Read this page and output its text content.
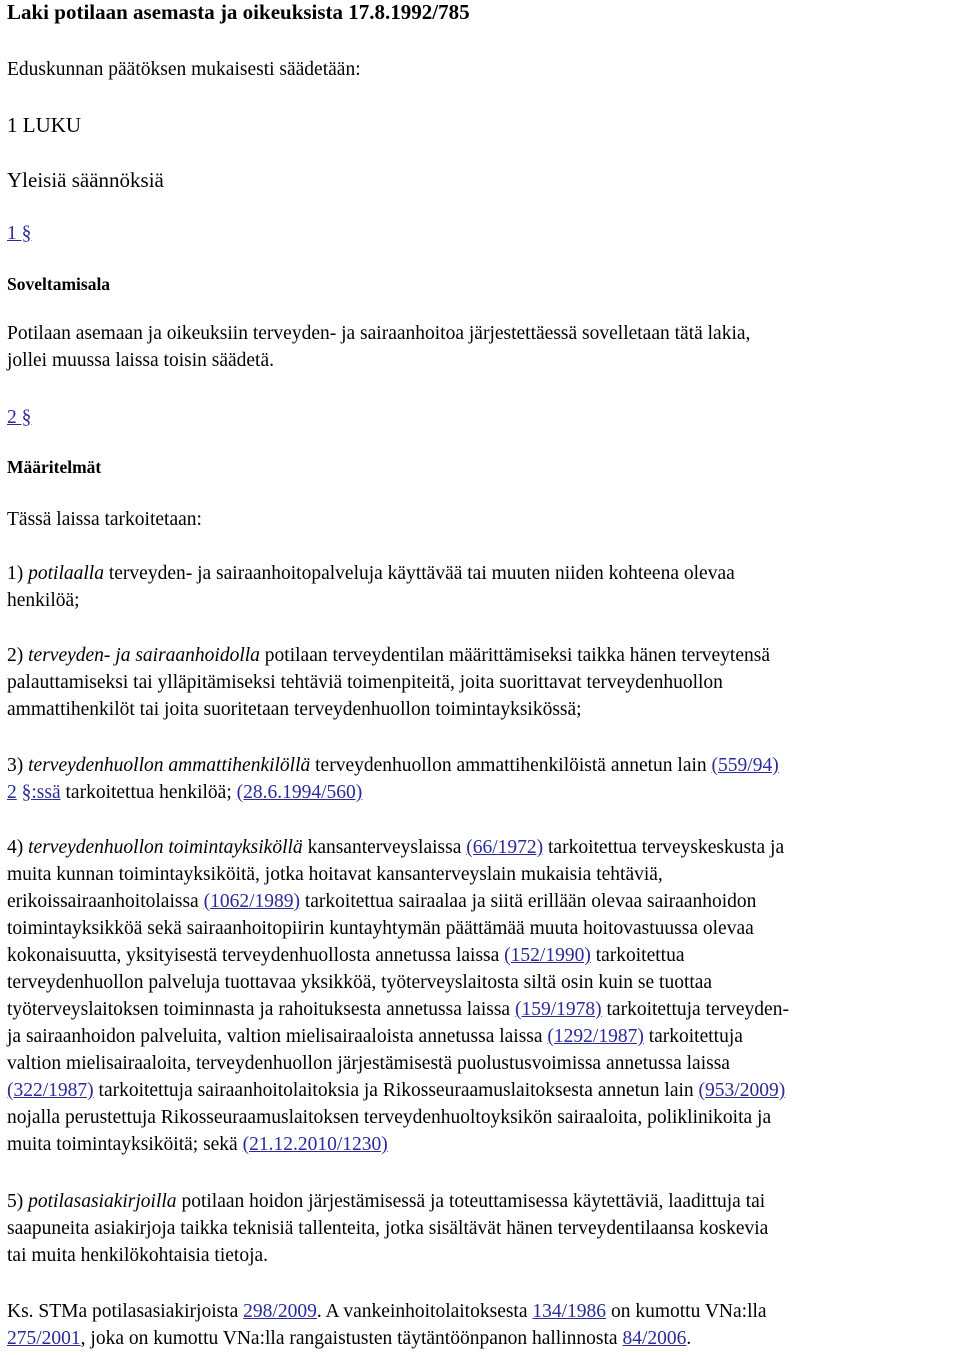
Laki potilaan asemasta ja oikeuksista 17.8.1992/785
Eduskunnan päätöksen mukaisesti säädetään:
1 LUKU
Yleisiä säännöksiä
1 §
Soveltamisala
Potilaan asemaan ja oikeuksiin terveyden- ja sairaanhoitoa järjestettäessä sovelletaan tätä lakia,
jollei muussa laissa toisin säädetä.
2 §
Määritelmät
Tässä laissa tarkoitetaan:
1) potilaalla terveyden- ja sairaanhoitopalveluja käyttävää tai muuten niiden kohteena olevaa
henkilöä;
2) terveyden- ja sairaanhoidolla potilaan terveydentilan määrittämiseksi taikka hänen terveytensä
palauttamiseksi tai ylläpitämiseksi tehtäviä toimenpiteitä, joita suorittavat terveydenhuollon
ammattihenkilöt tai joita suoritetaan terveydenhuollon toimintayksikössä;
3) terveydenhuollon ammattihenkilöllä terveydenhuollon ammattihenkilöistä annetun lain (559/94)
2 §:ssä tarkoitettua henkilöä; (28.6.1994/560)
4) terveydenhuollon toimintayksiköllä kansanterveyslaissa (66/1972) tarkoitettua terveyskeskusta ja
muita kunnan toimintayksiköitä, jotka hoitavat kansanterveyslain mukaisia tehtäviä,
erikoissairaanhoitolaissa (1062/1989) tarkoitettua sairaalaa ja siitä erillään olevaa sairaanhoidon
toimintayksikköä sekä sairaanhoitopiirin kuntayhtymän päättämää muuta hoitovastuussa olevaa
kokonaisuutta, yksityisestä terveydenhuollosta annetussa laissa (152/1990) tarkoitettua
terveydenhuollon palveluja tuottavaa yksikköä, työterveyslaitosta siltä osin kuin se tuottaa
työterveyslaitoksen toiminnasta ja rahoituksesta annetussa laissa (159/1978) tarkoitettuja terveyden-
ja sairaanhoidon palveluita, valtion mielisairaaloista annetussa laissa (1292/1987) tarkoitettuja
valtion mielisairaaloita, terveydenhuollon järjestämisestä puolustusvoimissa annetussa laissa
(322/1987) tarkoitettuja sairaanhoitolaitoksia ja Rikosseuraamuslaitoksesta annetun lain (953/2009)
nojalla perustettuja Rikosseuraamuslaitoksen terveydenhuoltoyksikön sairaaloita, poliklinikoita ja
muita toimintayksiköitä; sekä (21.12.2010/1230)
5) potilasasiakirjoilla potilaan hoidon järjestämisessä ja toteuttamisessa käytettäviä, laadittuja tai
saapuneita asiakirjoja taikka teknisiä tallenteita, jotka sisältävät hänen terveydentilaansa koskevia
tai muita henkilökohtaisia tietoja.
Ks. STMa potilasasiakirjoista 298/2009. A vankeinhoitolaitoksesta 134/1986 on kumottu VNa:lla
275/2001, joka on kumottu VNa:lla rangaistusten täytäntöönpanon hallinnosta 84/2006.
